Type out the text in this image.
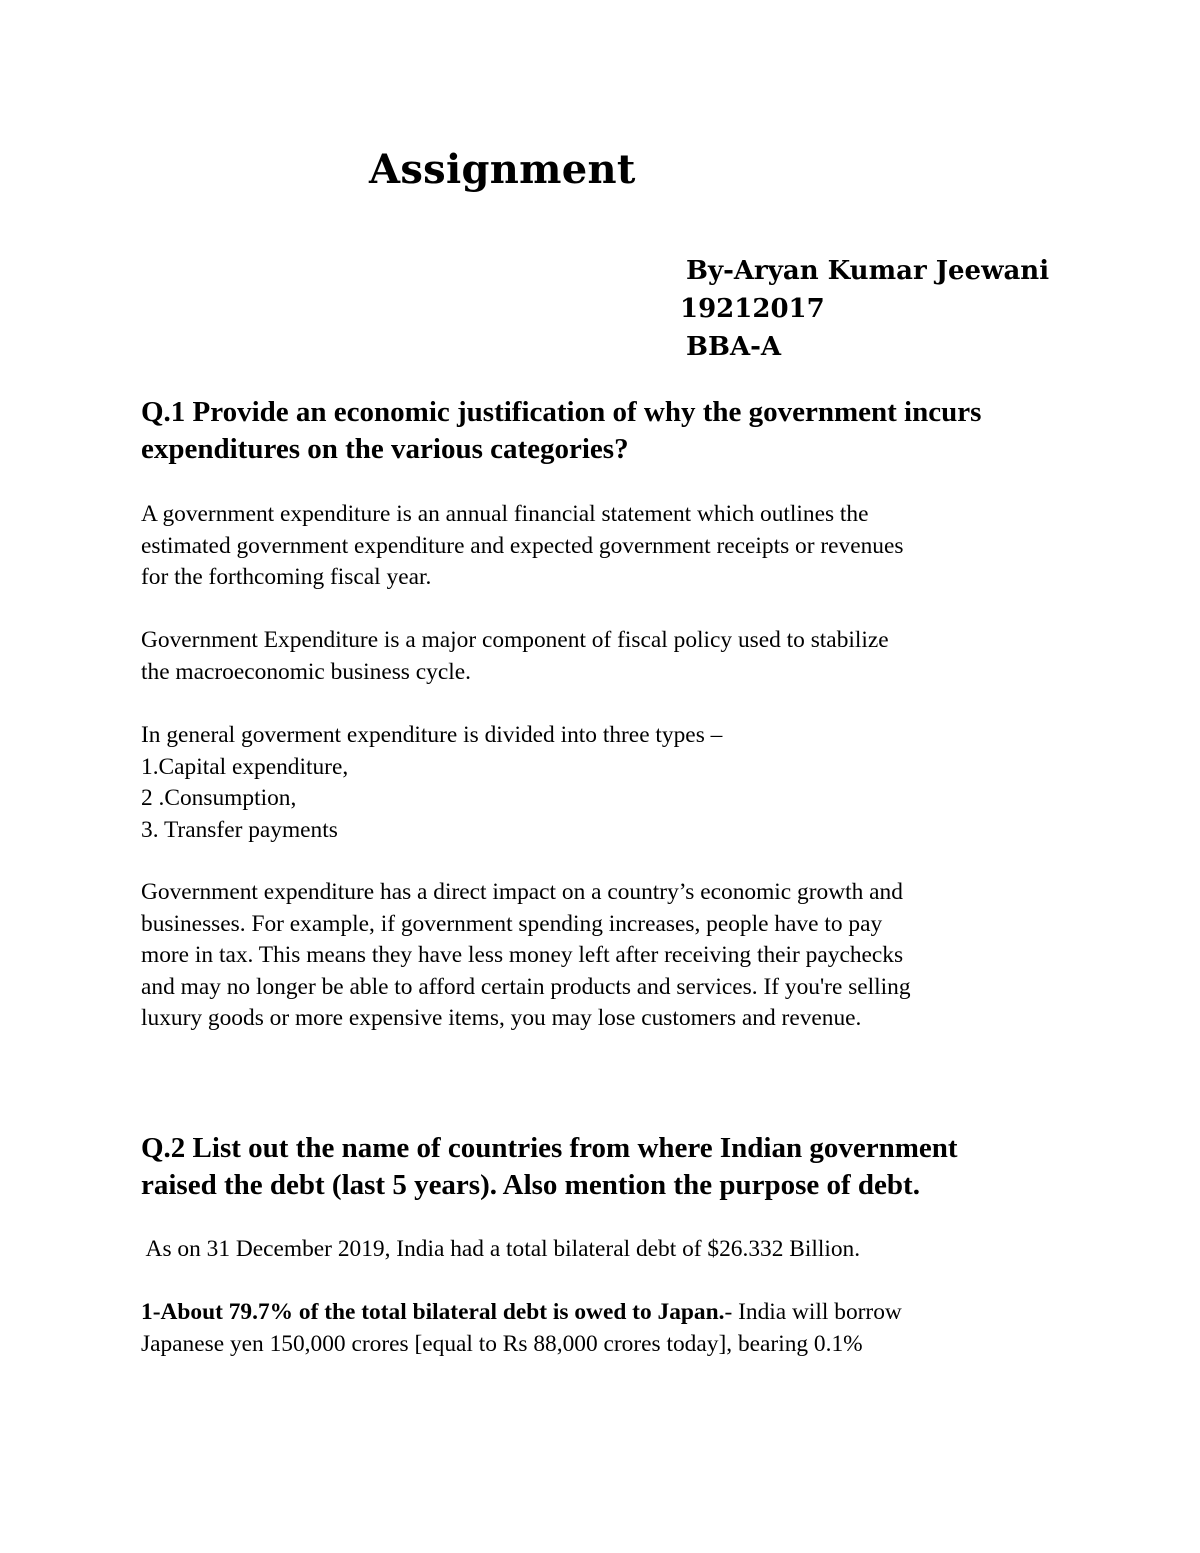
Assignment

By-Aryan Kumar Jeewani

19212017

BBA-A

Q.1 Provide an economic justification of why the government incurs
expenditures on the various categories?

A government expenditure is an annual financial statement which outlines the
estimated government expenditure and expected government receipts or revenues
for the forthcoming fiscal year.

Government Expenditure is a major component of fiscal policy used to stabilize
the macroeconomic business cycle.

In general goverment expenditure is divided into three types –
1.Capital expenditure,
2 .Consumption,
3. Transfer payments

Government expenditure has a direct impact on a country’s economic growth and
businesses. For example, if government spending increases, people have to pay
more in tax. This means they have less money left after receiving their paychecks
and may no longer be able to afford certain products and services. If you're selling
luxury goods or more expensive items, you may lose customers and revenue.

Q.2 List out the name of countries from where Indian government
raised the debt (last 5 years). Also mention the purpose of debt.

As on 31 December 2019, India had a total bilateral debt of $26.332 Billion.

1-About 79.7% of the total bilateral debt is owed to Japan.- India will borrow
Japanese yen 150,000 crores [equal to Rs 88,000 crores today], bearing 0.1%
